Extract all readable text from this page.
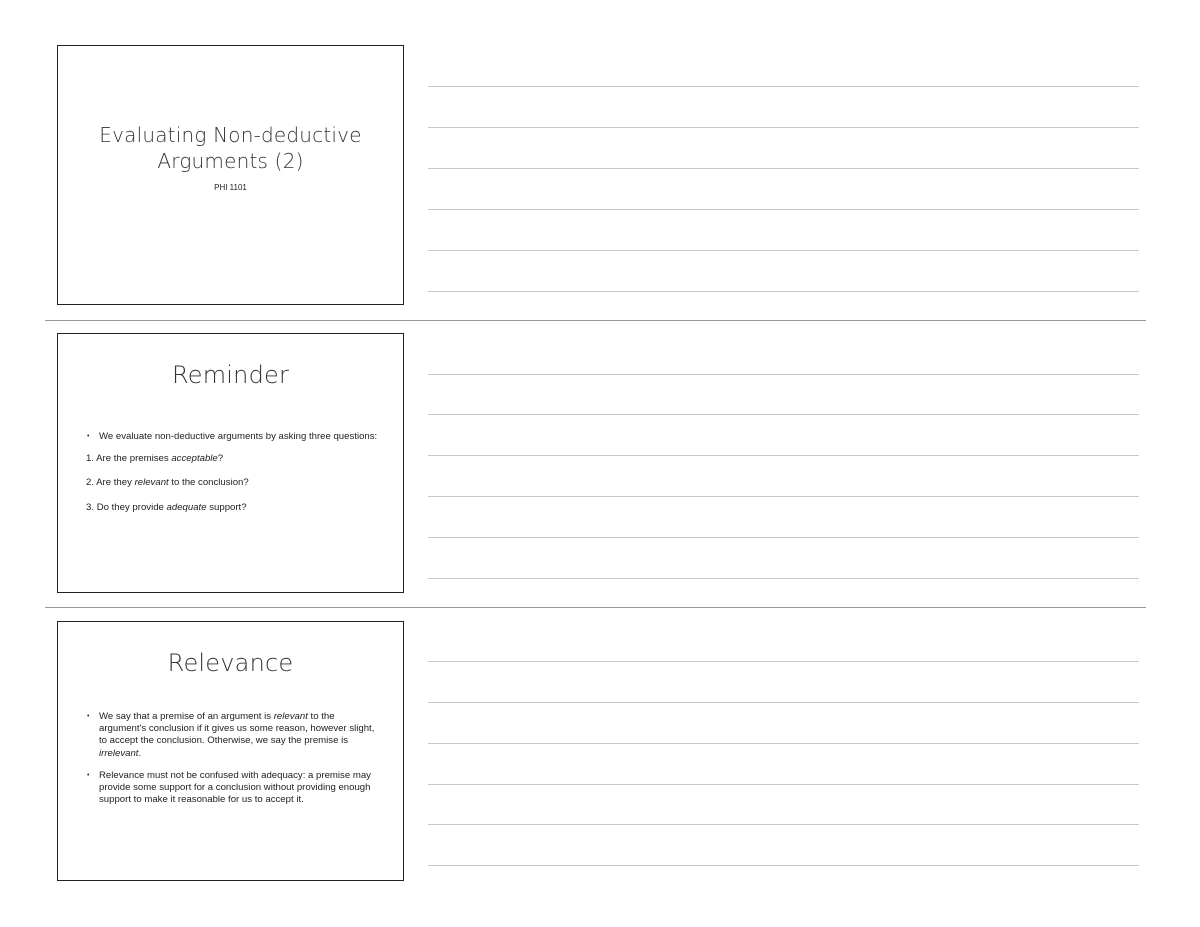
Evaluating Non-deductive
Arguments (2)
PHI 1101
Reminder
• We evaluate non-deductive arguments by asking three questions:
1. Are the premises acceptable?
2. Are they relevant to the conclusion?
3. Do they provide adequate support?
Relevance
• We say that a premise of an argument is relevant to the argument's conclusion if it gives us some reason, however slight, to accept the conclusion. Otherwise, we say the premise is irrelevant.
• Relevance must not be confused with adequacy: a premise may provide some support for a conclusion without providing enough support to make it reasonable for us to accept it.
